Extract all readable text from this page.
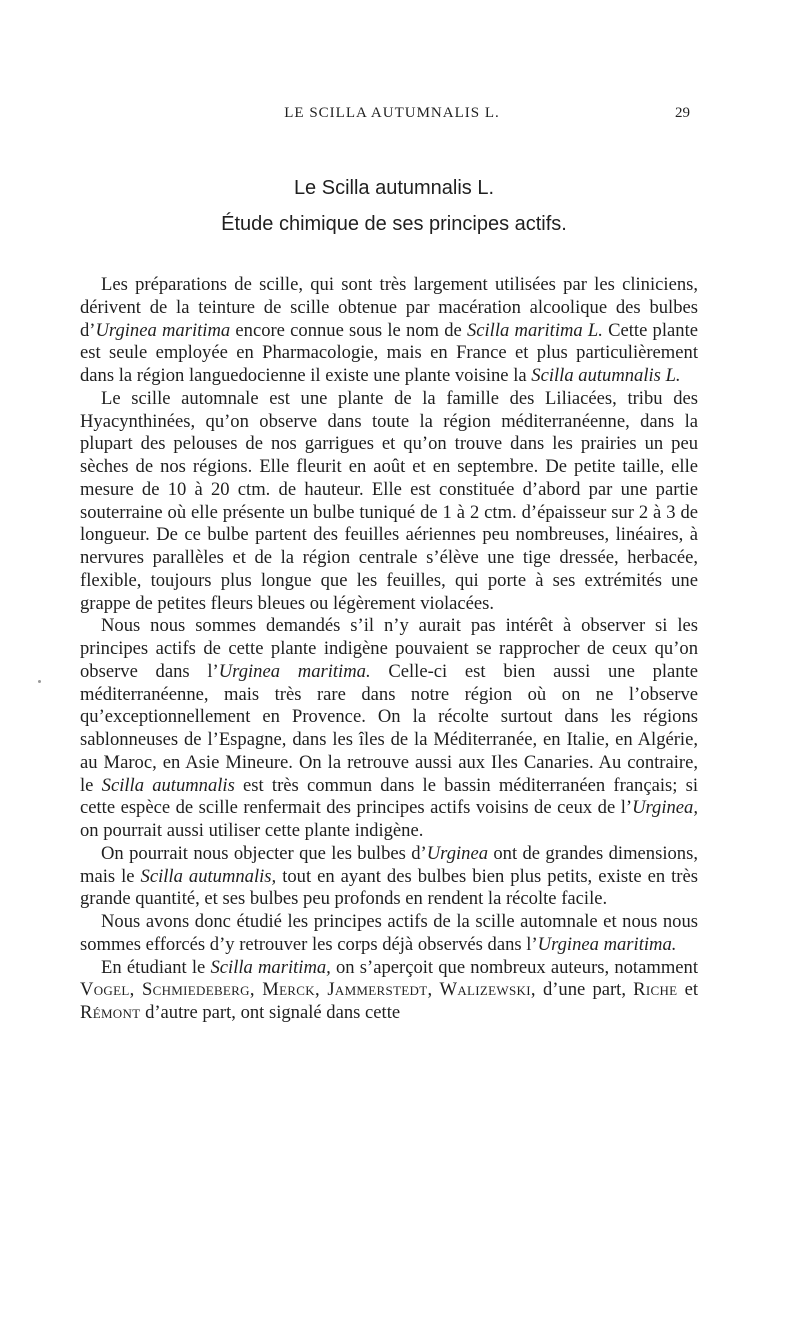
LE SCILLA AUTUMNALIS L.	29
Le Scilla autumnalis L.
Étude chimique de ses principes actifs.

Les préparations de scille, qui sont très largement utilisées par les cliniciens, dérivent de la teinture de scille obtenue par macération alcoolique des bulbes d’Urginea maritima encore connue sous le nom de Scilla maritima L. Cette plante est seule employée en Pharmacologie, mais en France et plus particulièrement dans la région languedocienne il existe une plante voisine la Scilla autumnalis L.

Le scille automnale est une plante de la famille des Liliacées, tribu des Hyacynthinées, qu’on observe dans toute la région méditerranéenne, dans la plupart des pelouses de nos garrigues et qu’on trouve dans les prairies un peu sèches de nos régions. Elle fleurit en août et en septembre. De petite taille, elle mesure de 10 à 20 ctm. de hauteur. Elle est constituée d’abord par une partie souterraine où elle présente un bulbe tuniqué de 1 à 2 ctm. d’épaisseur sur 2 à 3 de longueur. De ce bulbe partent des feuilles aériennes peu nombreuses, linéaires, à nervures parallèles et de la région centrale s’élève une tige dressée, herbacée, flexible, toujours plus longue que les feuilles, qui porte à ses extrémités une grappe de petites fleurs bleues ou légèrement violacées.

Nous nous sommes demandés s’il n’y aurait pas intérêt à observer si les principes actifs de cette plante indigène pouvaient se rapprocher de ceux qu’on observe dans l’Urginea maritima. Celle-ci est bien aussi une plante méditerranéenne, mais très rare dans notre région où on ne l’observe qu’exceptionnellement en Provence. On la récolte surtout dans les régions sablonneuses de l’Espagne, dans les îles de la Méditerranée, en Italie, en Algérie, au Maroc, en Asie Mineure. On la retrouve aussi aux Iles Canaries. Au contraire, le Scilla autumnalis est très commun dans le bassin méditerranéen français; si cette espèce de scille renfermait des principes actifs voisins de ceux de l’Urginea, on pourrait aussi utiliser cette plante indigène.

On pourrait nous objecter que les bulbes d’Urginea ont de grandes dimensions, mais le Scilla autumnalis, tout en ayant des bulbes bien plus petits, existe en très grande quantité, et ses bulbes peu profonds en rendent la récolte facile.

Nous avons donc étudié les principes actifs de la scille automnale et nous nous sommes efforcés d’y retrouver les corps déjà observés dans l’Urginea maritima.

En étudiant le Scilla maritima, on s’aperçoit que nombreux auteurs, notamment Vogel, Schmiedeberg, Merck, Jammerstedt, Walizewski, d’une part, Riche et Rémont d’autre part, ont signalé dans cette
